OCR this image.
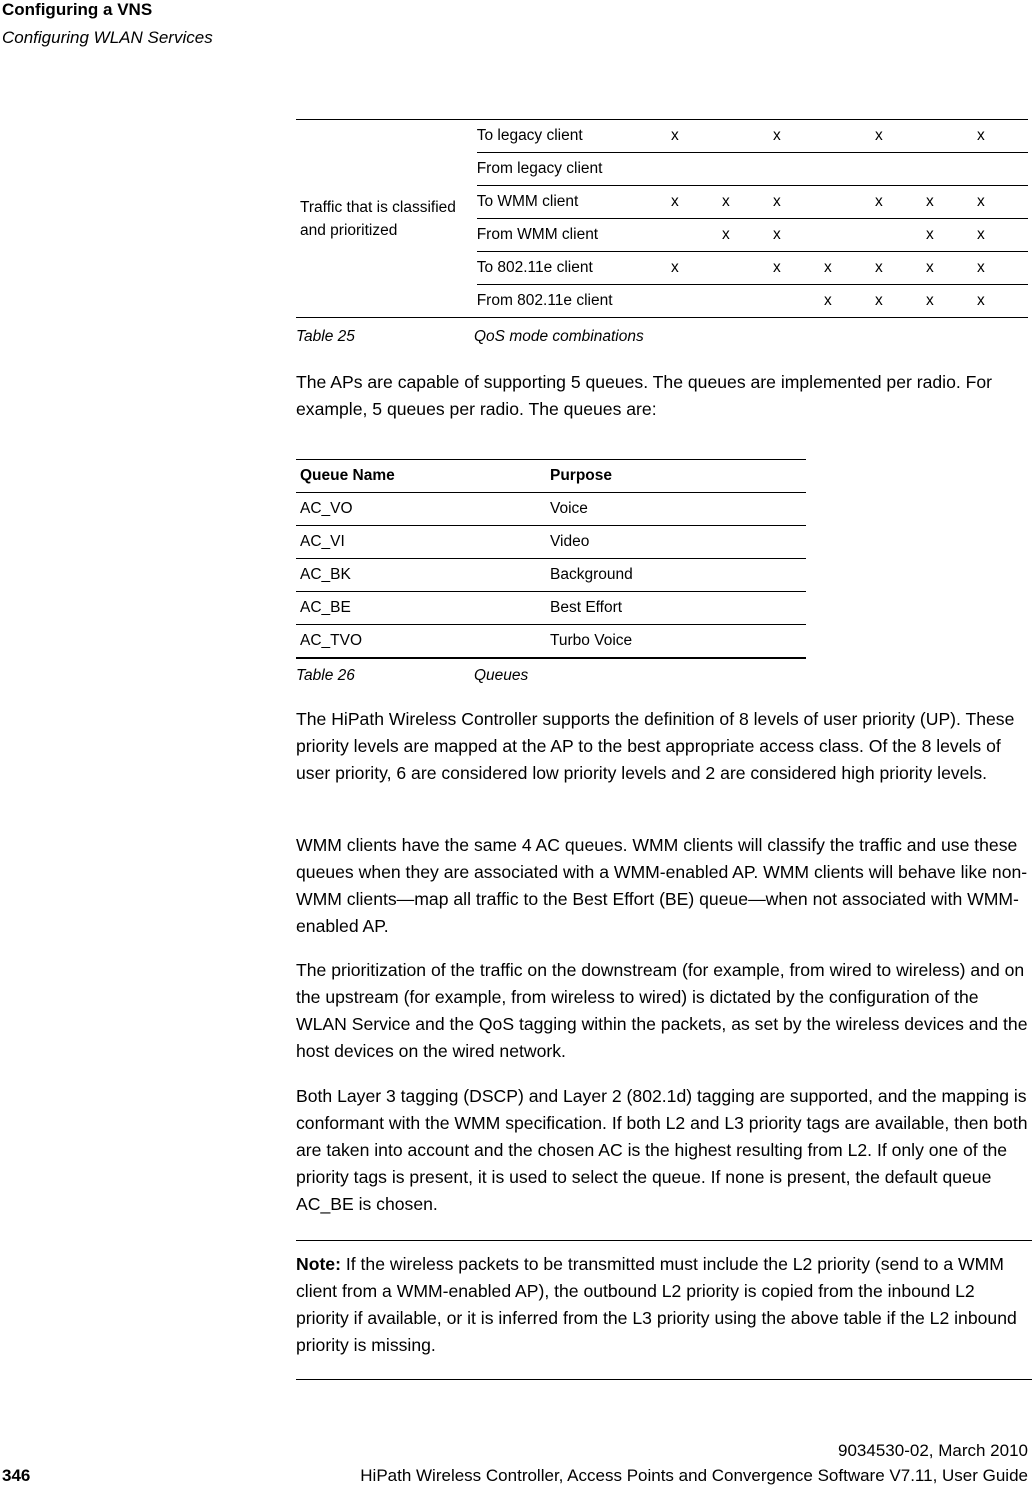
Configuring a VNS
Configuring WLAN Services
Traffic that is classified and prioritized	To legacy client	x		x		x		x
	From legacy client							
	To WMM client	x	x	x		x	x	x
	From WMM client		x	x			x	x
	To 802.11e client	x		x	x	x	x	x
	From 802.11e client				x	x	x	x
Table 25	QoS mode combinations

The APs are capable of supporting 5 queues. The queues are implemented per radio. For example, 5 queues per radio. The queues are:

Queue Name	Purpose
AC_VO	Voice
AC_VI	Video
AC_BK	Background
AC_BE	Best Effort
AC_TVO	Turbo Voice
Table 26	Queues

The HiPath Wireless Controller supports the definition of 8 levels of user priority (UP). These priority levels are mapped at the AP to the best appropriate access class. Of the 8 levels of user priority, 6 are considered low priority levels and 2 are considered high priority levels.

WMM clients have the same 4 AC queues. WMM clients will classify the traffic and use these queues when they are associated with a WMM-enabled AP. WMM clients will behave like non-WMM clients—map all traffic to the Best Effort (BE) queue—when not associated with WMM-enabled AP.

The prioritization of the traffic on the downstream (for example, from wired to wireless) and on the upstream (for example, from wireless to wired) is dictated by the configuration of the WLAN Service and the QoS tagging within the packets, as set by the wireless devices and the host devices on the wired network.

Both Layer 3 tagging (DSCP) and Layer 2 (802.1d) tagging are supported, and the mapping is conformant with the WMM specification. If both L2 and L3 priority tags are available, then both are taken into account and the chosen AC is the highest resulting from L2. If only one of the priority tags is present, it is used to select the queue. If none is present, the default queue AC_BE is chosen.

Note: If the wireless packets to be transmitted must include the L2 priority (send to a WMM client from a WMM-enabled AP), the outbound L2 priority is copied from the inbound L2 priority if available, or it is inferred from the L3 priority using the above table if the L2 inbound priority is missing.

9034530-02, March 2010
346	HiPath Wireless Controller, Access Points and Convergence Software V7.11, User Guide
